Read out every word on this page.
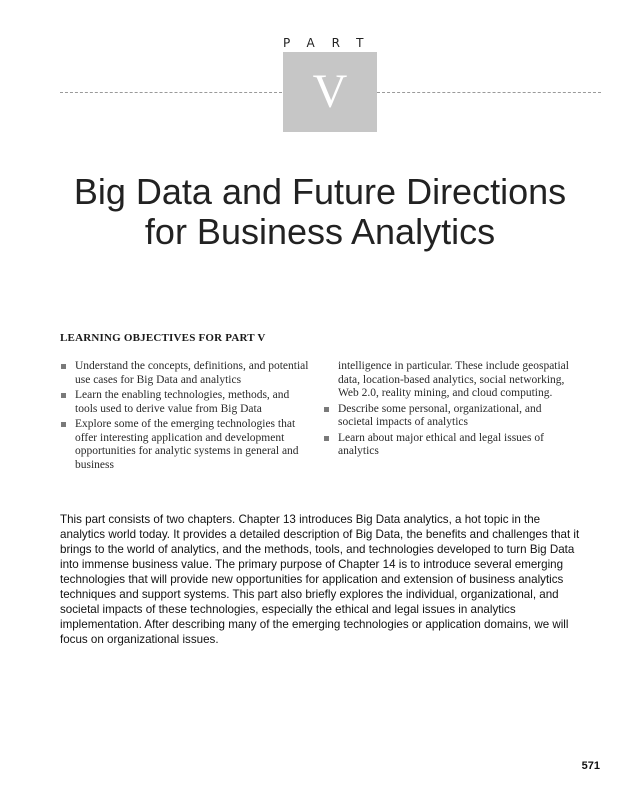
PART
V
Big Data and Future Directions
for Business Analytics
LEARNING OBJECTIVES FOR PART V
Understand the concepts, definitions, and potential use cases for Big Data and analytics
Learn the enabling technologies, methods, and tools used to derive value from Big Data
Explore some of the emerging technologies that offer interesting application and development opportunities for analytic systems in general and business
intelligence in particular. These include geospatial data, location-based analytics, social networking, Web 2.0, reality mining, and cloud computing.
Describe some personal, organizational, and societal impacts of analytics
Learn about major ethical and legal issues of analytics

This part consists of two chapters. Chapter 13 introduces Big Data analytics, a hot topic in the analytics world today. It provides a detailed description of Big Data, the benefits and challenges that it brings to the world of analytics, and the methods, tools, and technologies developed to turn Big Data into immense business value. The primary purpose of Chapter 14 is to introduce several emerging technologies that will provide new opportunities for application and extension of business analytics techniques and support systems. This part also briefly explores the individual, organizational, and societal impacts of these technologies, especially the ethical and legal issues in analytics implementation. After describing many of the emerging technologies or application domains, we will focus on organizational issues.

571
